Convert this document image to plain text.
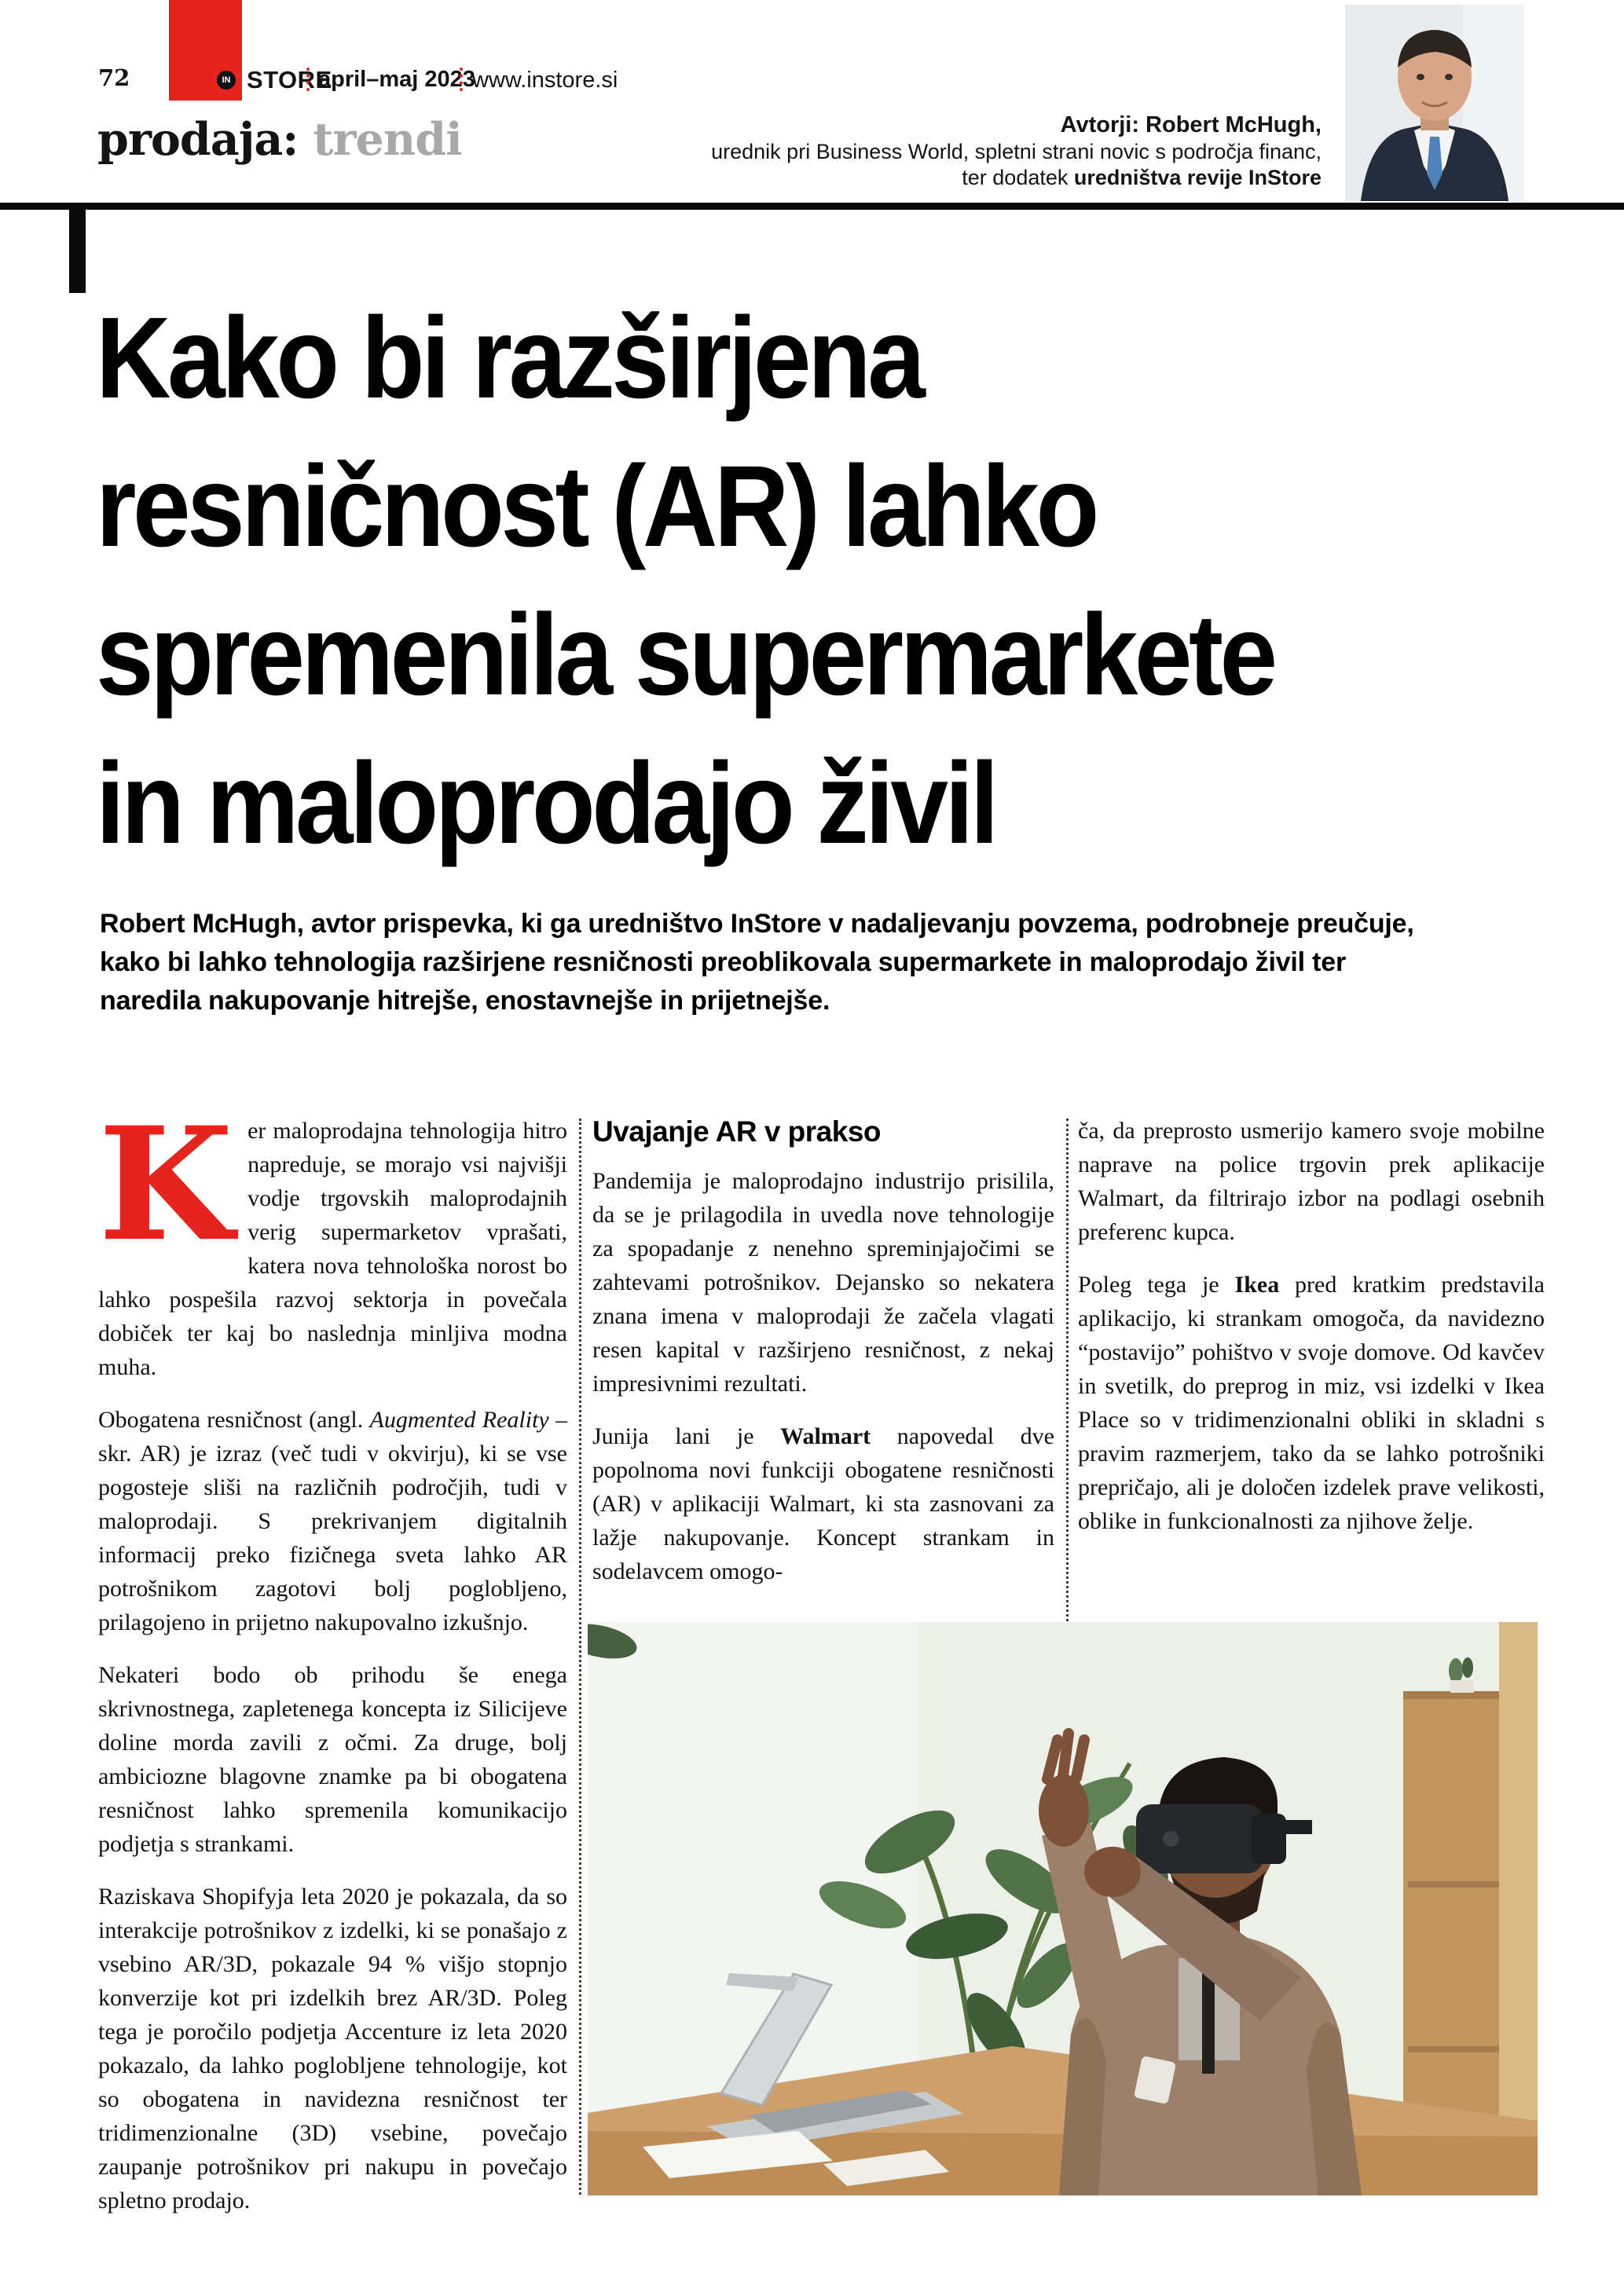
72	IN STORE
april–maj 2023
www.instore.si
prodaja: trendi	Avtorji: Robert McHugh,
urednik pri Business World, spletni strani novic s področja financ,
ter dodatek uredništva revije InStore
Kako bi razširjena
resničnost (AR) lahko
spremenila supermarkete
in maloprodajo živil
Robert McHugh, avtor prispevka, ki ga uredništvo InStore v nadaljevanju povzema, podrobneje preučuje, kako bi lahko tehnologija razširjene resničnosti preoblikovala supermarkete in maloprodajo živil ter naredila nakupovanje hitrejše, enostavnejše in prijetnejše.

Ker maloprodajna tehnologija hitro napreduje, se morajo vsi najvišji vodje trgovskih maloprodajnih verig supermarketov vprašati, katera nova tehnološka norost bo lahko pospešila razvoj sektorja in povečala dobiček ter kaj bo naslednja minljiva modna muha.

Obogatena resničnost (angl. Augmented Reality – skr. AR) je izraz (več tudi v okvirju), ki se vse pogosteje sliši na različnih področjih, tudi v maloprodaji. S prekrivanjem digitalnih informacij preko fizičnega sveta lahko AR potrošnikom zagotovi bolj poglobljeno, prilagojeno in prijetno nakupovalno izkušnjo.

Nekateri bodo ob prihodu še enega skrivnostnega, zapletenega koncepta iz Silicijeve doline morda zavili z očmi. Za druge, bolj ambiciozne blagovne znamke pa bi obogatena resničnost lahko spremenila komunikacijo podjetja s strankami.

Raziskava Shopifyja leta 2020 je pokazala, da so interakcije potrošnikov z izdelki, ki se ponašajo z vsebino AR/3D, pokazale 94 % višjo stopnjo konverzije kot pri izdelkih brez AR/3D. Poleg tega je poročilo podjetja Accenture iz leta 2020 pokazalo, da lahko poglobljene tehnologije, kot so obogatena in navidezna resničnost ter tridimenzionalne (3D) vsebine, povečajo zaupanje potrošnikov pri nakupu in povečajo spletno prodajo.

Uvajanje AR v prakso

Pandemija je maloprodajno industrijo prisilila, da se je prilagodila in uvedla nove tehnologije za spopadanje z nenehno spreminjajočimi se zahtevami potrošnikov. Dejansko so nekatera znana imena v maloprodaji že začela vlagati resen kapital v razširjeno resničnost, z nekaj impresivnimi rezultati.

Junija lani je Walmart napovedal dve popolnoma novi funkciji obogatene resničnosti (AR) v aplikaciji Walmart, ki sta zasnovani za lažje nakupovanje. Koncept strankam in sodelavcem omogo-

ča, da preprosto usmerijo kamero svoje mobilne naprave na police trgovin prek aplikacije Walmart, da filtrirajo izbor na podlagi osebnih preferenc kupca.

Poleg tega je Ikea pred kratkim predstavila aplikacijo, ki strankam omogoča, da navidezno “postavijo” pohištvo v svoje domove. Od kavčev in svetilk, do preprog in miz, vsi izdelki v Ikea Place so v tridimenzionalni obliki in skladni s pravim razmerjem, tako da se lahko potrošniki prepričajo, ali je določen izdelek prave velikosti, oblike in funkcionalnosti za njihove želje.
